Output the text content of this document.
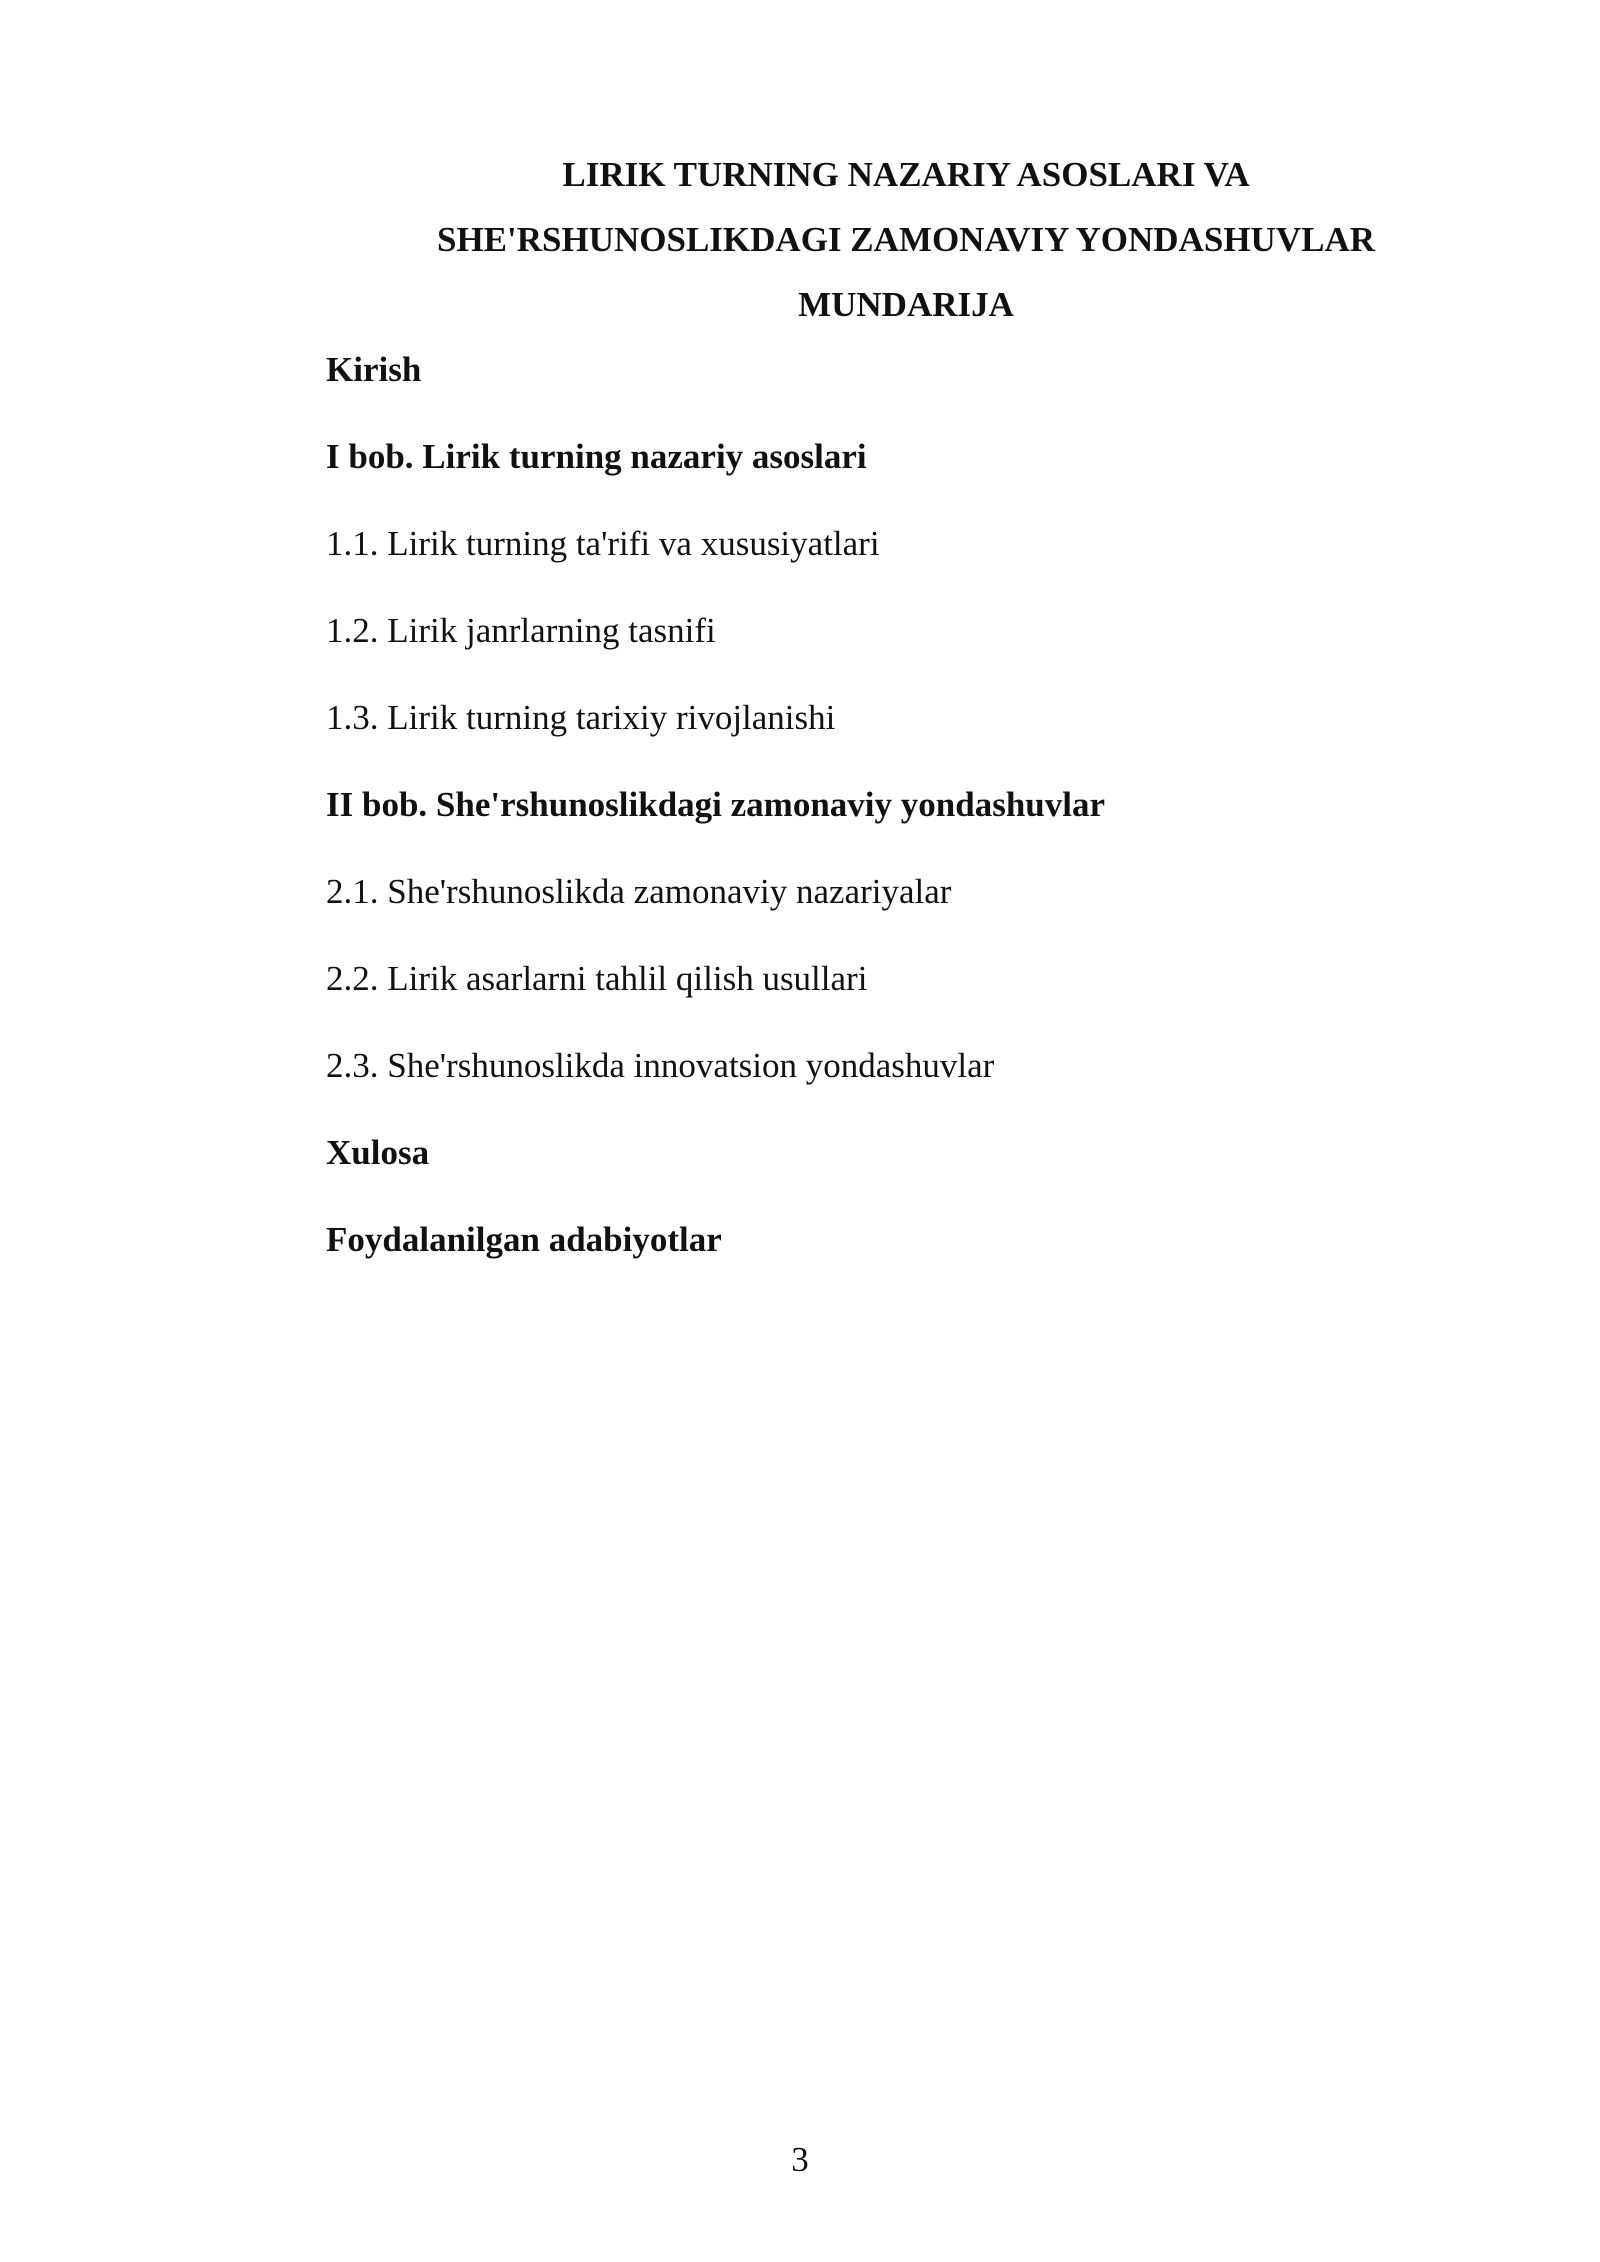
LIRIK TURNING NAZARIY ASOSLARI VA
SHE'RSHUNOSLIKDAGI ZAMONAVIY YONDASHUVLAR
MUNDARIJA
Kirish
I bob. Lirik turning nazariy asoslari
1.1. Lirik turning ta'rifi va xususiyatlari
1.2. Lirik janrlarning tasnifi
1.3. Lirik turning tarixiy rivojlanishi
II bob. She'rshunoslikdagi zamonaviy yondashuvlar
2.1. She'rshunoslikda zamonaviy nazariyalar
2.2. Lirik asarlarni tahlil qilish usullari
2.3. She'rshunoslikda innovatsion yondashuvlar
Xulosa
Foydalanilgan adabiyotlar
3
